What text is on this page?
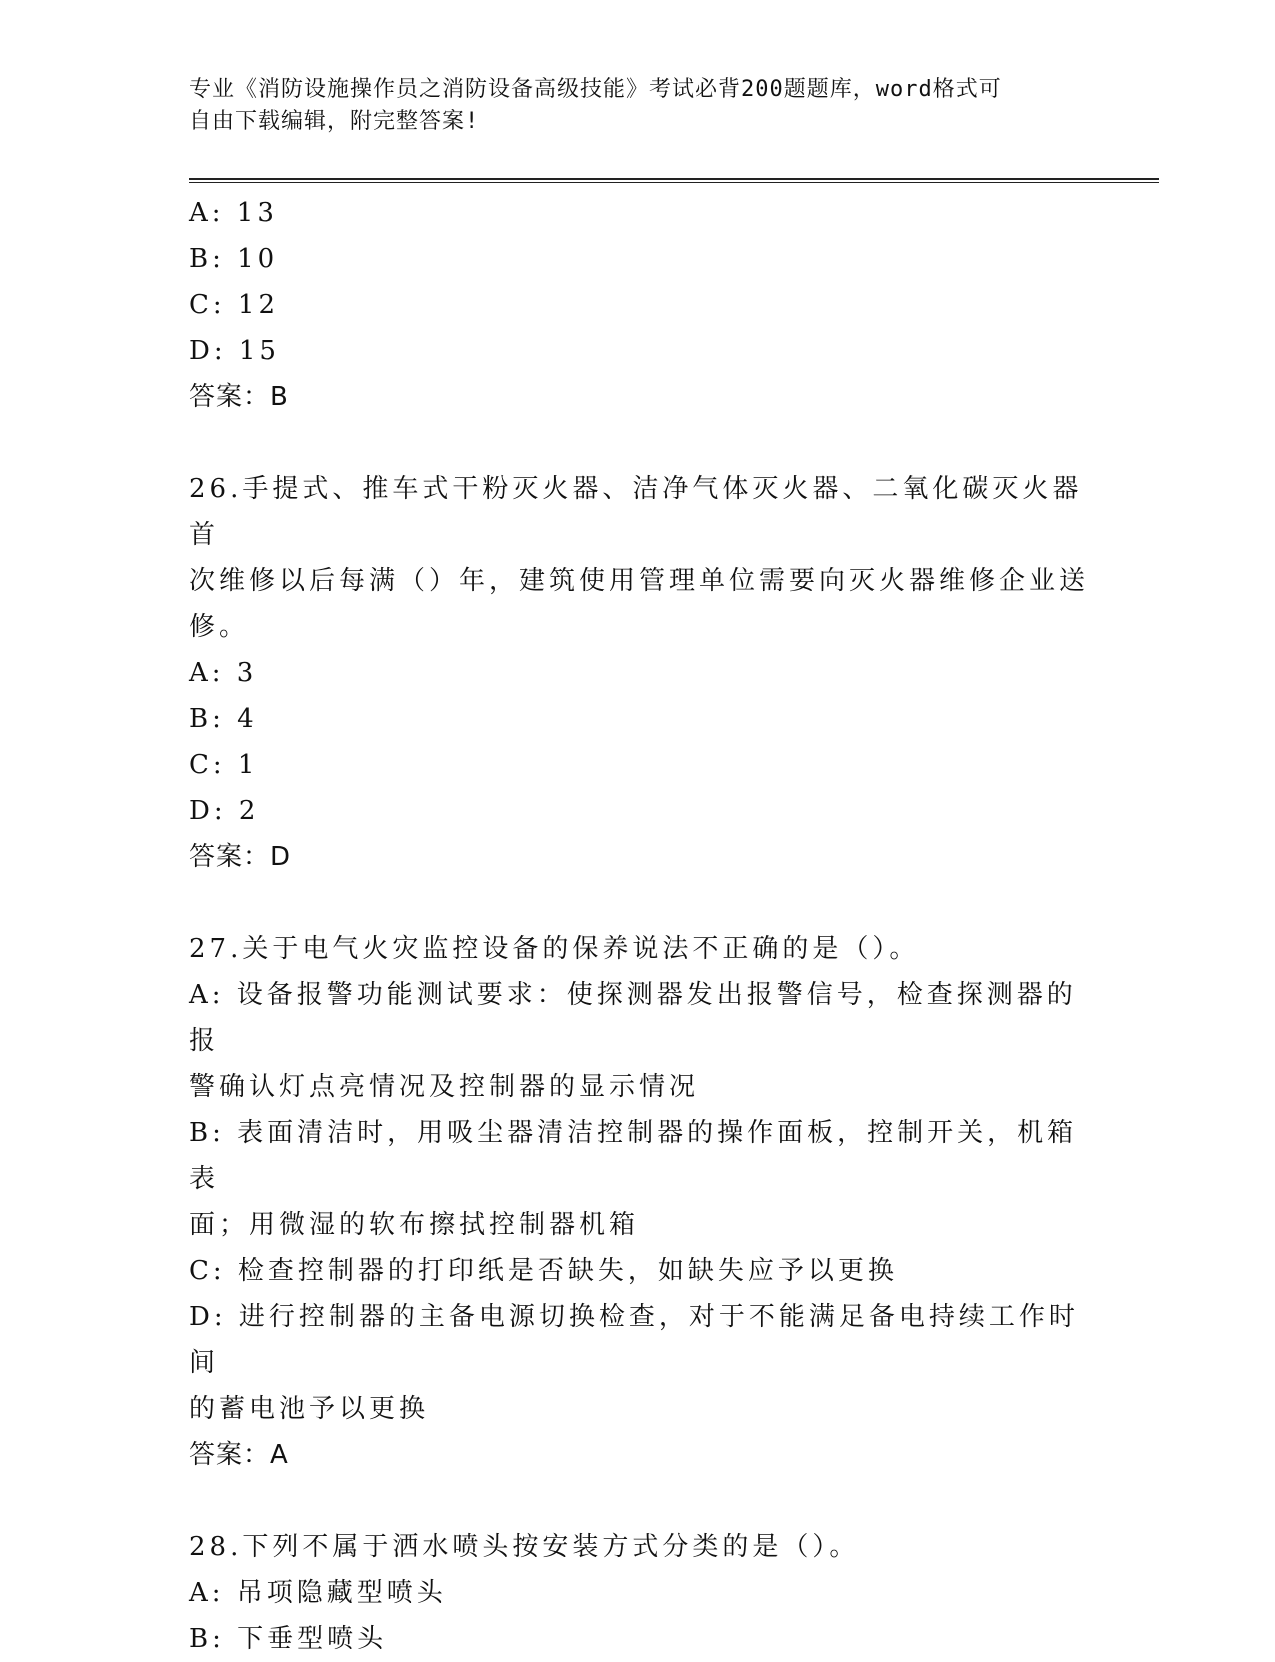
专业《消防设施操作员之消防设备高级技能》考试必背200题题库，word格式可
自由下载编辑，附完整答案!

A: 13

B: 10

C: 12

D: 15

答案：B

26.手提式、推车式干粉灭火器、洁净气体灭火器、二氧化碳灭火器首

次维修以后每满（）年，建筑使用管理单位需要向灭火器维修企业送

修。

A: 3

B: 4

C: 1

D: 2

答案：D

27.关于电气火灾监控设备的保养说法不正确的是（）。

A: 设备报警功能测试要求：使探测器发出报警信号，检查探测器的报

警确认灯点亮情况及控制器的显示情况

B: 表面清洁时，用吸尘器清洁控制器的操作面板，控制开关，机箱表

面；用微湿的软布擦拭控制器机箱

C: 检查控制器的打印纸是否缺失，如缺失应予以更换

D: 进行控制器的主备电源切换检查，对于不能满足备电持续工作时间

的蓄电池予以更换

答案：A

28.下列不属于洒水喷头按安装方式分类的是（）。

A: 吊项隐藏型喷头

B: 下垂型喷头
